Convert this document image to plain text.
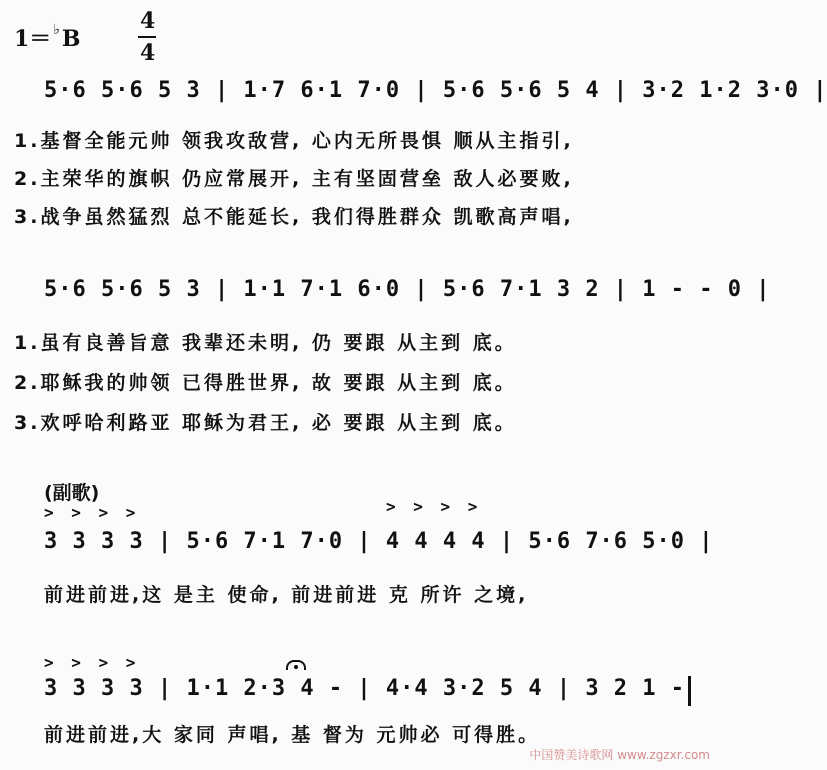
1＝ ♭B
4
4
5·6 5·6 5 3 | 1·7 6·1 7·0 | 5·6 5·6 5 4 | 3·2 1·2 3·0 |
1.基督全能元帅 领我攻敌营, 心内无所畏惧 顺从主指引,
2.主荣华的旗帜 仍应常展开, 主有坚固营垒 敌人必要败,
3.战争虽然猛烈 总不能延长, 我们得胜群众 凯歌高声唱,
5·6 5·6 5 3 | 1·1 7·1 6·0 | 5·6 7·1 3 2 | 1 - - 0 |
1.虽有良善旨意 我辈还未明, 仍 要跟 从主到 底。
2.耶稣我的帅领 已得胜世界, 故 要跟 从主到 底。
3.欢呼哈利路亚 耶稣为君王, 必 要跟 从主到 底。
(副歌)
> > > >	> > > >
3 3 3 3 | 5·6 7·1 7·0 | 4 4 4 4 | 5·6 7·6 5·0 |
前进前进,这 是主 使命, 前进前进 克 所许 之境,
> > > >
3 3 3 3 | 1·1 2·3 4 - | 4·4 3·2 5 4 | 3 2 1 -
前进前进,大 家同 声唱, 基 督为 元帅必 可得胜。
中国赞美诗歌网 www.zgzxr.com
